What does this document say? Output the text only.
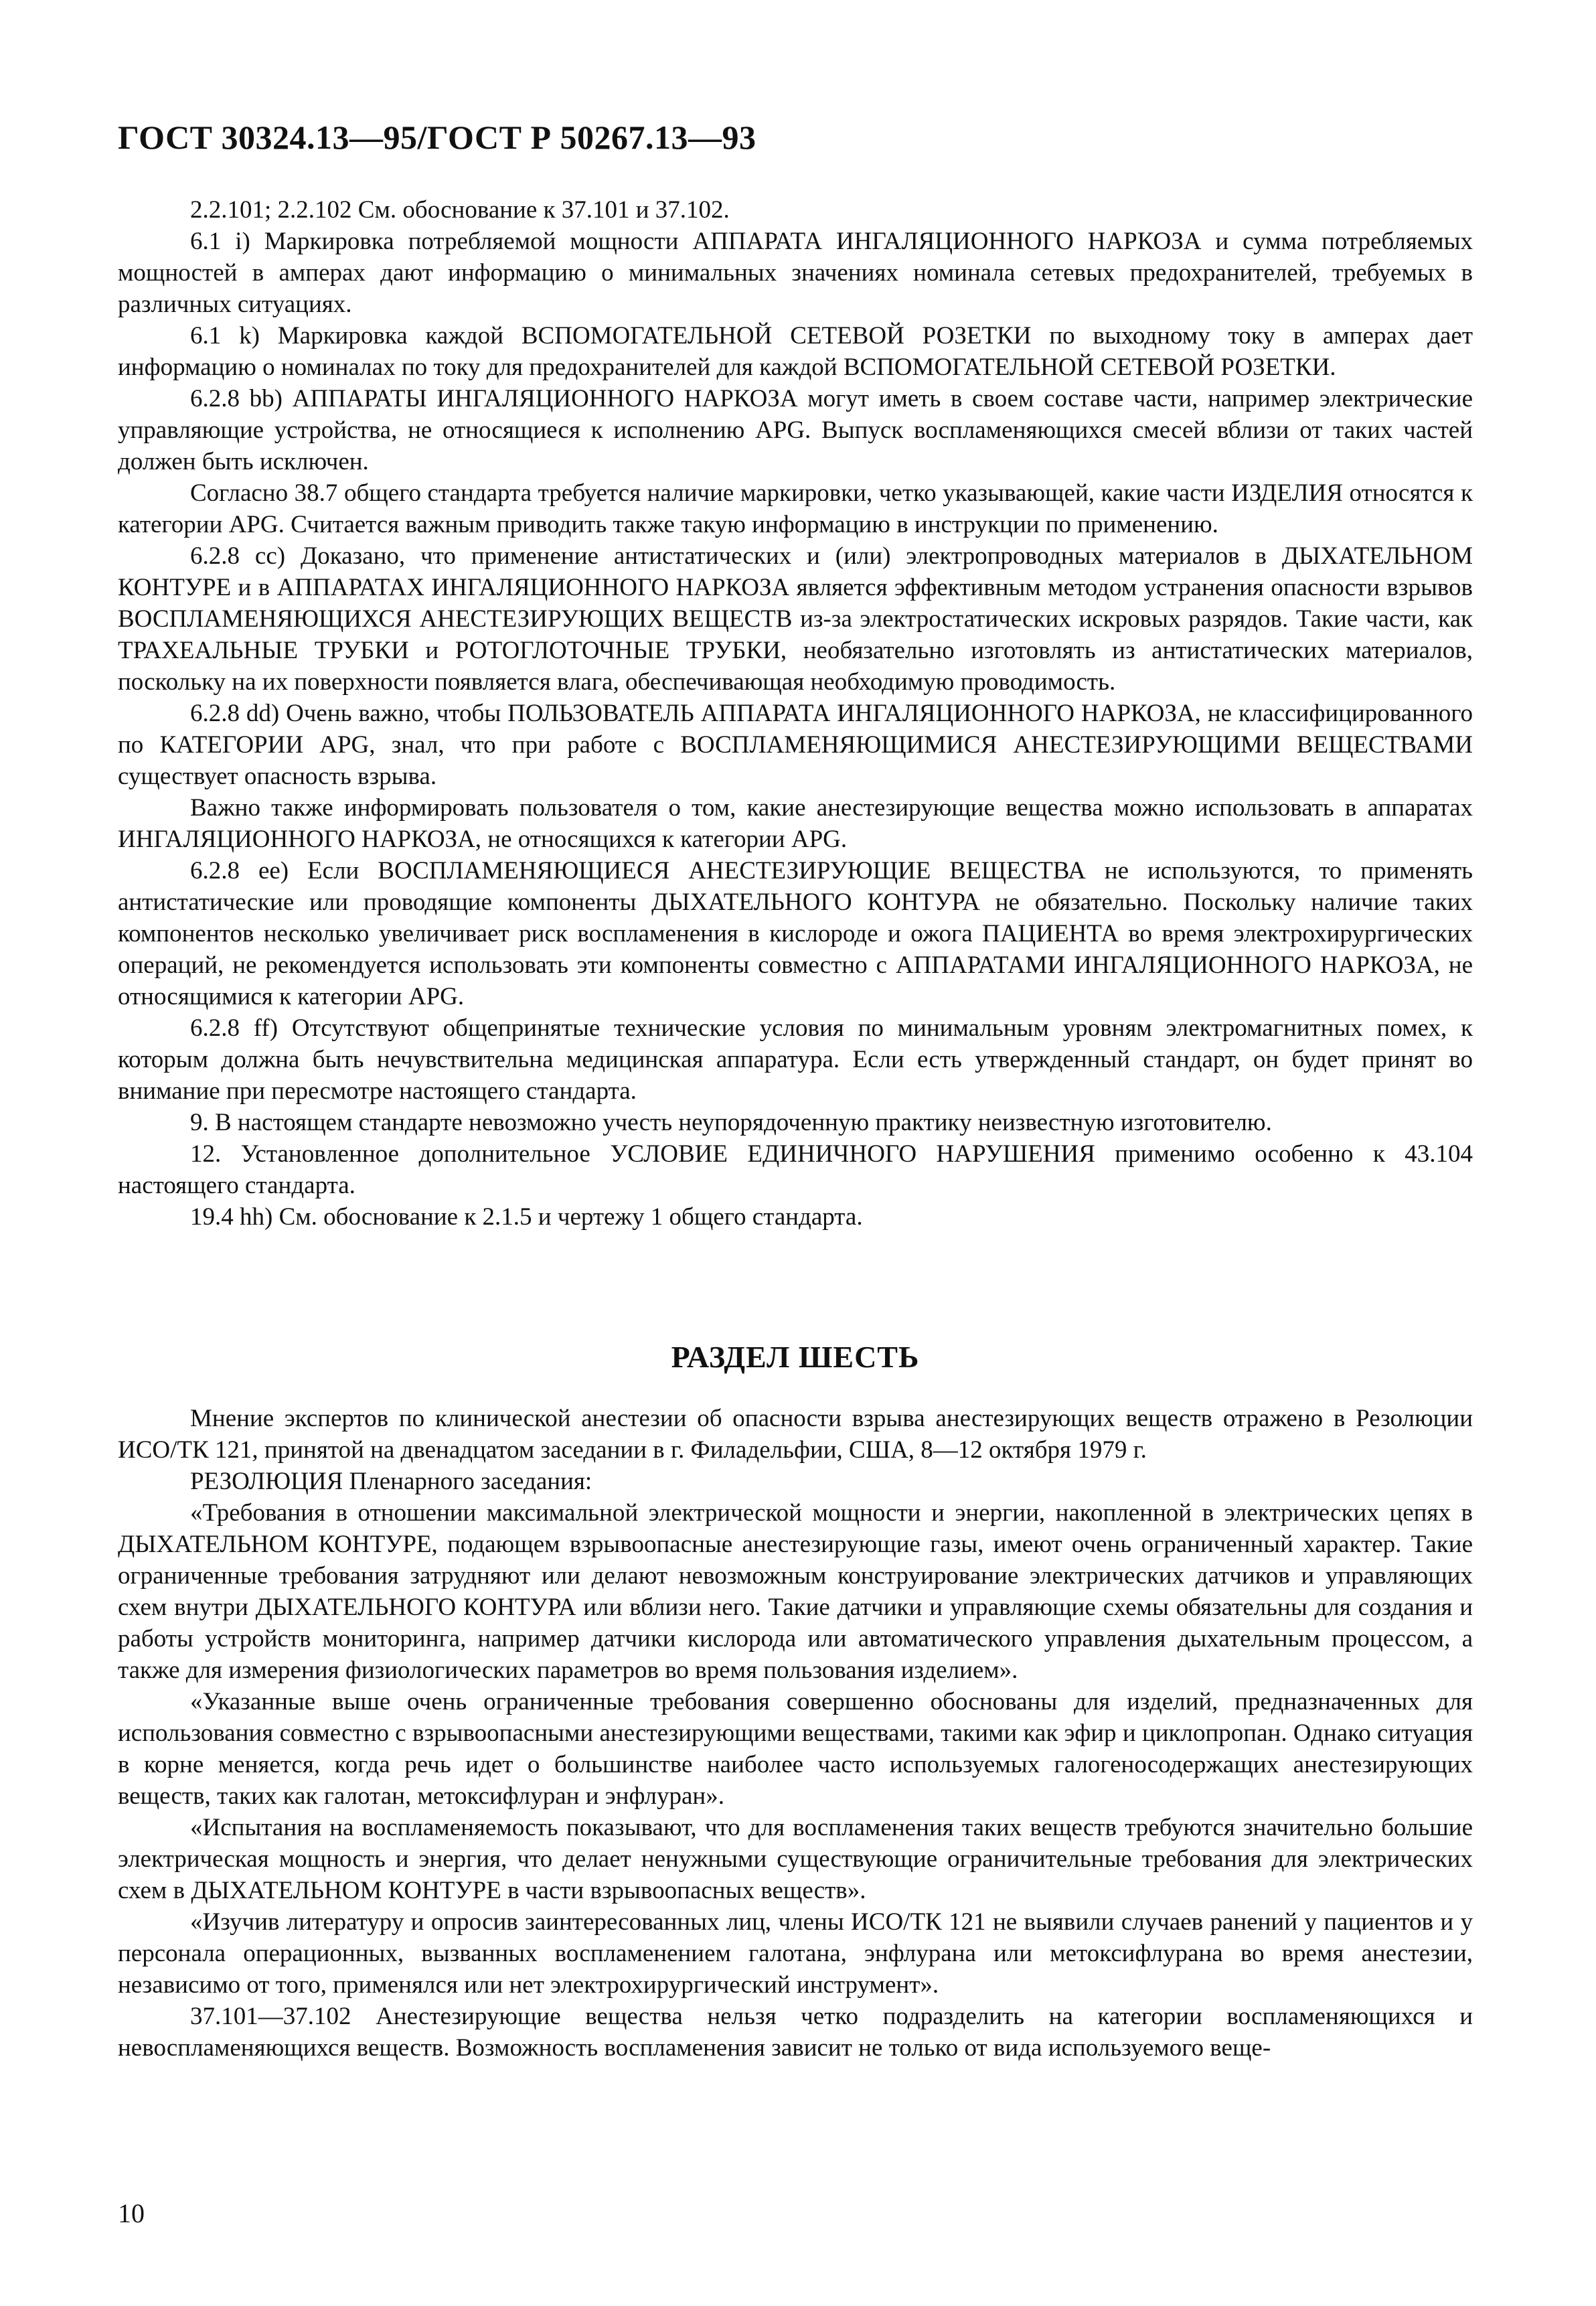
ГОСТ 30324.13—95/ГОСТ Р 50267.13—93

2.2.101; 2.2.102 См. обоснование к 37.101 и 37.102.

6.1 i) Маркировка потребляемой мощности АППАРАТА ИНГАЛЯЦИОННОГО НАРКОЗА и сумма потребляемых мощностей в амперах дают информацию о минимальных значениях номинала сетевых предохранителей, требуемых в различных ситуациях.

6.1 k) Маркировка каждой ВСПОМОГАТЕЛЬНОЙ СЕТЕВОЙ РОЗЕТКИ по выходному току в амперах дает информацию о номиналах по току для предохранителей для каждой ВСПОМОГАТЕЛЬНОЙ СЕТЕВОЙ РОЗЕТКИ.

6.2.8 bb) АППАРАТЫ ИНГАЛЯЦИОННОГО НАРКОЗА могут иметь в своем составе части, например электрические управляющие устройства, не относящиеся к исполнению APG. Выпуск воспламеняющихся смесей вблизи от таких частей должен быть исключен.

Согласно 38.7 общего стандарта требуется наличие маркировки, четко указывающей, какие части ИЗДЕЛИЯ относятся к категории APG. Считается важным приводить также такую информацию в инструкции по применению.

6.2.8 cc) Доказано, что применение антистатических и (или) электропроводных материалов в ДЫХАТЕЛЬНОМ КОНТУРЕ и в АППАРАТАХ ИНГАЛЯЦИОННОГО НАРКОЗА является эффективным методом устранения опасности взрывов ВОСПЛАМЕНЯЮЩИХСЯ АНЕСТЕЗИРУЮЩИХ ВЕЩЕСТВ из-за электростатических искровых разрядов. Такие части, как ТРАХЕАЛЬНЫЕ ТРУБКИ и РОТОГЛОТОЧНЫЕ ТРУБКИ, необязательно изготовлять из антистатических материалов, поскольку на их поверхности появляется влага, обеспечивающая необходимую проводимость.

6.2.8 dd) Очень важно, чтобы ПОЛЬЗОВАТЕЛЬ АППАРАТА ИНГАЛЯЦИОННОГО НАРКОЗА, не классифицированного по КАТЕГОРИИ APG, знал, что при работе с ВОСПЛАМЕНЯЮЩИМИСЯ АНЕСТЕЗИРУЮЩИМИ ВЕЩЕСТВАМИ существует опасность взрыва.

Важно также информировать пользователя о том, какие анестезирующие вещества можно использовать в аппаратах ИНГАЛЯЦИОННОГО НАРКОЗА, не относящихся к категории APG.

6.2.8 ee) Если ВОСПЛАМЕНЯЮЩИЕСЯ АНЕСТЕЗИРУЮЩИЕ ВЕЩЕСТВА не используются, то применять антистатические или проводящие компоненты ДЫХАТЕЛЬНОГО КОНТУРА не обязательно. Поскольку наличие таких компонентов несколько увеличивает риск воспламенения в кислороде и ожога ПАЦИЕНТА во время электрохирургических операций, не рекомендуется использовать эти компоненты совместно с АППАРАТАМИ ИНГАЛЯЦИОННОГО НАРКОЗА, не относящимися к категории APG.

6.2.8 ff) Отсутствуют общепринятые технические условия по минимальным уровням электромагнитных помех, к которым должна быть нечувствительна медицинская аппаратура. Если есть утвержденный стандарт, он будет принят во внимание при пересмотре настоящего стандарта.

9. В настоящем стандарте невозможно учесть неупорядоченную практику неизвестную изготовителю.

12. Установленное дополнительное УСЛОВИЕ ЕДИНИЧНОГО НАРУШЕНИЯ применимо особенно к 43.104 настоящего стандарта.

19.4 hh) См. обоснование к 2.1.5 и чертежу 1 общего стандарта.

РАЗДЕЛ ШЕСТЬ

Мнение экспертов по клинической анестезии об опасности взрыва анестезирующих веществ отражено в Резолюции ИСО/ТК 121, принятой на двенадцатом заседании в г. Филадельфии, США, 8—12 октября 1979 г.

РЕЗОЛЮЦИЯ Пленарного заседания:

«Требования в отношении максимальной электрической мощности и энергии, накопленной в электрических цепях в ДЫХАТЕЛЬНОМ КОНТУРЕ, подающем взрывоопасные анестезирующие газы, имеют очень ограниченный характер. Такие ограниченные требования затрудняют или делают невозможным конструирование электрических датчиков и управляющих схем внутри ДЫХАТЕЛЬНОГО КОНТУРА или вблизи него. Такие датчики и управляющие схемы обязательны для создания и работы устройств мониторинга, например датчики кислорода или автоматического управления дыхательным процессом, а также для измерения физиологических параметров во время пользования изделием».

«Указанные выше очень ограниченные требования совершенно обоснованы для изделий, предназначенных для использования совместно с взрывоопасными анестезирующими веществами, такими как эфир и циклопропан. Однако ситуация в корне меняется, когда речь идет о большинстве наиболее часто используемых галогеносодержащих анестезирующих веществ, таких как галотан, метоксифлуран и энфлуран».

«Испытания на воспламеняемость показывают, что для воспламенения таких веществ требуются значительно большие электрическая мощность и энергия, что делает ненужными существующие ограничительные требования для электрических схем в ДЫХАТЕЛЬНОМ КОНТУРЕ в части взрывоопасных веществ».

«Изучив литературу и опросив заинтересованных лиц, члены ИСО/ТК 121 не выявили случаев ранений у пациентов и у персонала операционных, вызванных воспламенением галотана, энфлурана или метоксифлурана во время анестезии, независимо от того, применялся или нет электрохирургический инструмент».

37.101—37.102 Анестезирующие вещества нельзя четко подразделить на категории воспламеняющихся и невоспламеняющихся веществ. Возможность воспламенения зависит не только от вида используемого веще-

10
